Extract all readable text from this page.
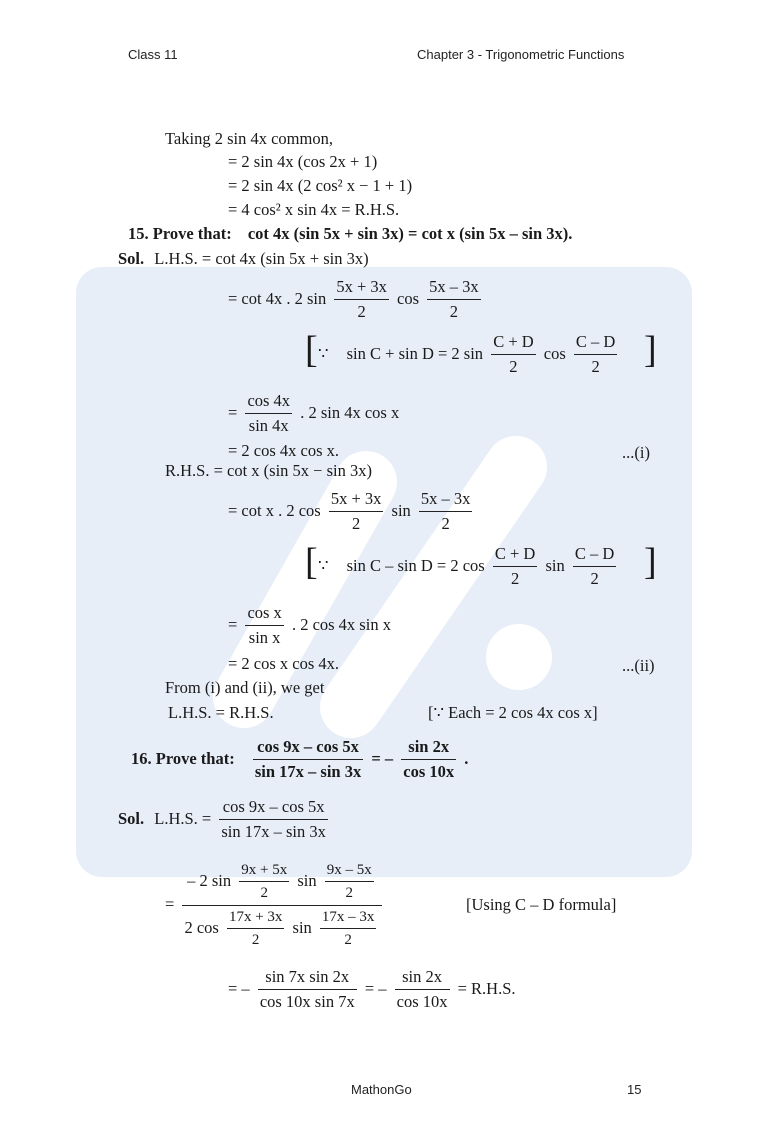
Class 11	Chapter 3 - Trigonometric Functions
Taking 2 sin 4x common,
= 2 sin 4x (cos 2x + 1)
= 2 sin 4x (2 cos² x − 1 + 1)
= 4 cos² x sin 4x = R.H.S.
15. Prove that: cot 4x (sin 5x + sin 3x) = cot x (sin 5x – sin 3x).
Sol. L.H.S. = cot 4x (sin 5x + sin 3x)
= cot 4x . 2 $\sin \frac{5x + 3x}{2}$ $\cos \frac{5x - 3x}{2}$
[ ∵ sin C + sin D = 2 $\sin \frac{C + D}{2}$ $\cos \frac{C - D}{2}$ ]
= $\frac{\cos 4x}{\sin 4x}$ . 2 sin 4x cos x
= 2 cos 4x cos x.	...(i)
R.H.S. = cot x (sin 5x − sin 3x)
= cot x . 2 $\cos \frac{5x + 3x}{2}$ $\sin \frac{5x - 3x}{2}$
[ ∵ sin C – sin D = 2 $\cos \frac{C + D}{2}$ $\sin \frac{C - D}{2}$ ]
= $\frac{\text{cos x}}{\text{sin x}}$ . 2 cos 4x sin x
= 2 cos x cos 4x.	...(ii)
From (i) and (ii), we get
L.H.S. = R.H.S.	[∵ Each = 2 cos 4x cos x]
16. Prove that: $\frac{\cos 9x - \cos 5x}{\sin 17x - \sin 3x}$ = – $\frac{\sin 2x}{\cos 10x}$ .
Sol. L.H.S. = $\frac{\cos 9x - \cos 5x}{\sin 17x - \sin 3x}$
= $\frac{- 2 \sin \frac{9x + 5x}{2} \sin \frac{9x - 5x}{2}}{2 \cos \frac{17x + 3x}{2} \sin \frac{17x - 3x}{2}}$	[Using C – D formula]
= – $\frac{\text{sin 7x sin 2x}}{\text{cos 10x sin 7x}}$ = – $\frac{\sin 2x}{\cos 10x} = R.H.S$.
MathonGo	15
